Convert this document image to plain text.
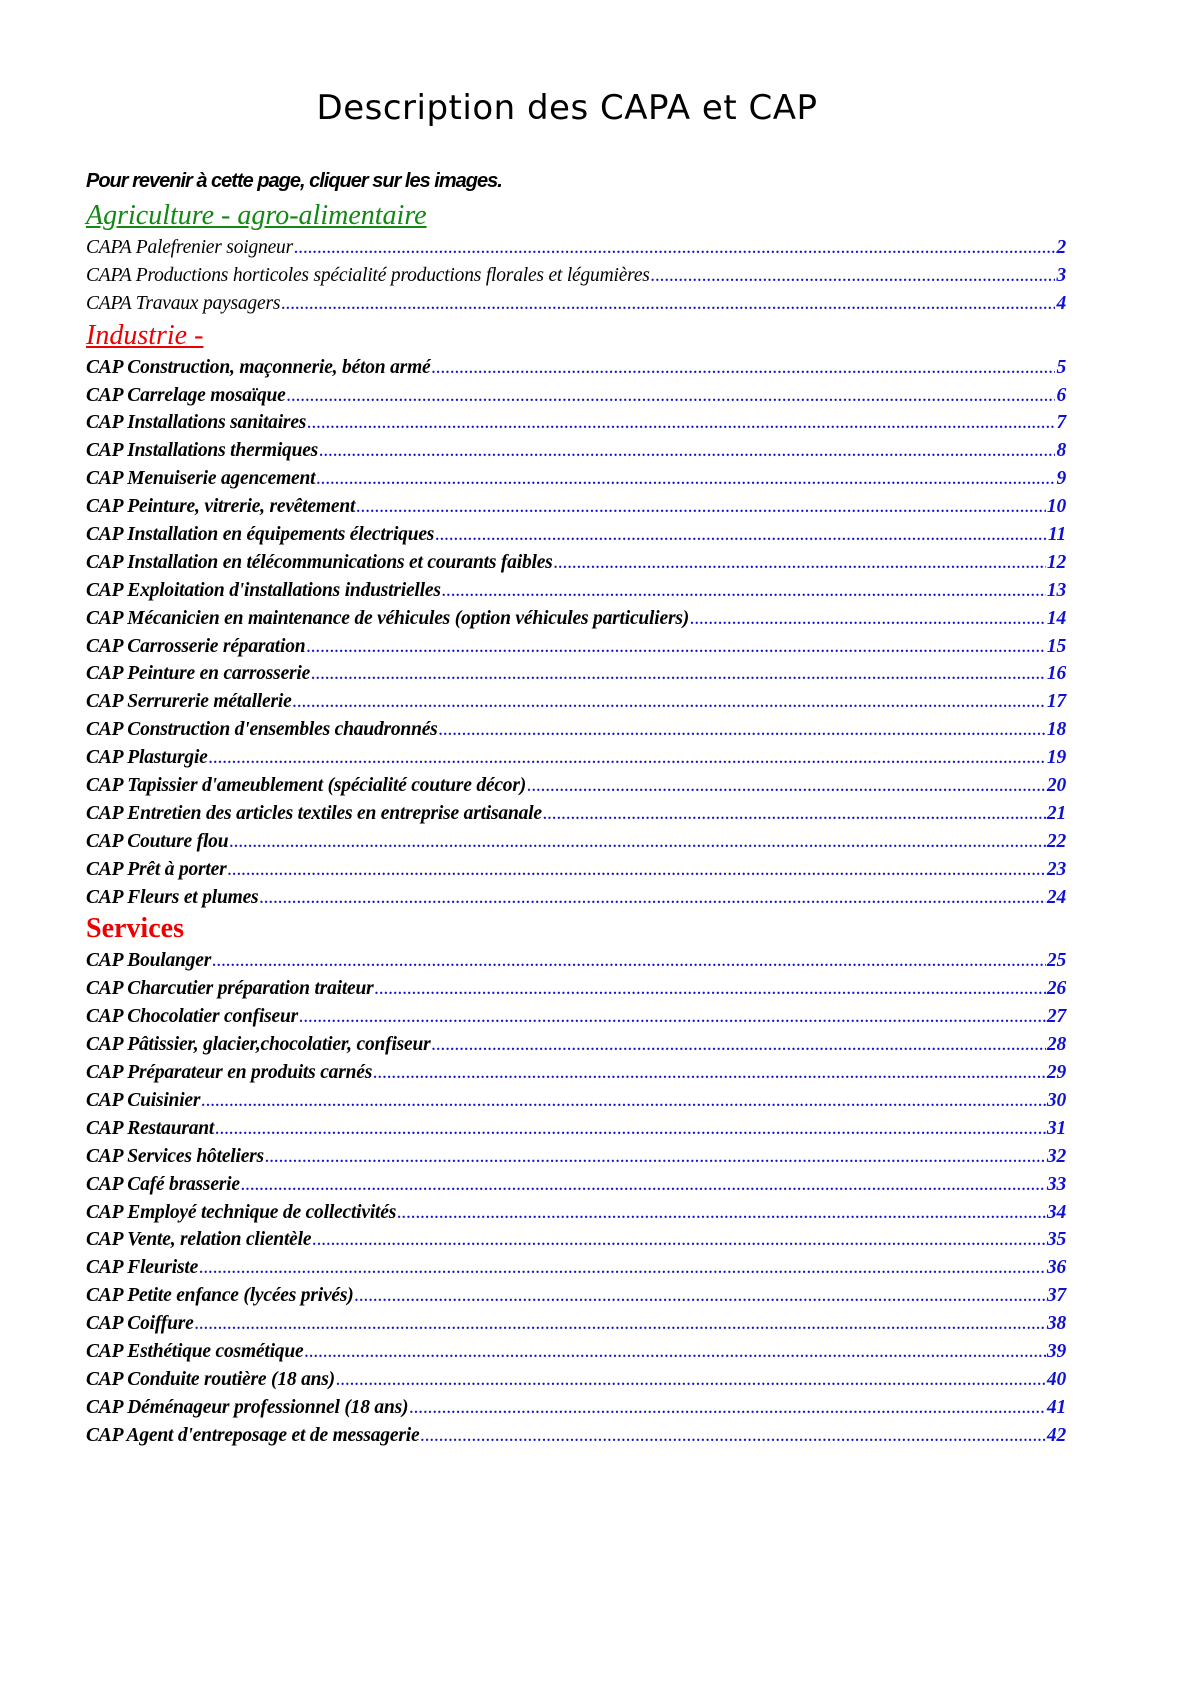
Description des CAPA et CAP
Pour revenir à cette page, cliquer sur les images.
Agriculture - agro-alimentaire
CAPA Palefrenier soigneur .....	2
CAPA Productions horticoles spécialité productions florales et légumières .....	3
CAPA Travaux paysagers .....	4
Industrie -
CAP Construction, maçonnerie, béton armé .....	5
CAP Carrelage mosaïque .....	6
CAP Installations sanitaires .....	7
CAP Installations thermiques .....	8
CAP Menuiserie agencement .....	9
CAP Peinture, vitrerie, revêtement .....	10
CAP Installation en équipements électriques .....	11
CAP Installation en télécommunications et courants faibles .....	12
CAP Exploitation d'installations industrielles .....	13
CAP Mécanicien en maintenance de véhicules (option véhicules particuliers) .....	14
CAP Carrosserie réparation .....	15
CAP Peinture en carrosserie .....	16
CAP Serrurerie métallerie .....	17
CAP Construction d'ensembles chaudronnés .....	18
CAP Plasturgie .....	19
CAP Tapissier d'ameublement (spécialité couture décor) .....	20
CAP Entretien des articles textiles en entreprise artisanale .....	21
CAP Couture flou .....	22
CAP Prêt à porter .....	23
CAP Fleurs et plumes .....	24
Services
CAP Boulanger .....	25
CAP Charcutier préparation traiteur .....	26
CAP Chocolatier confiseur .....	27
CAP Pâtissier, glacier,chocolatier, confiseur .....	28
CAP Préparateur en produits carnés .....	29
CAP Cuisinier .....	30
CAP Restaurant .....	31
CAP Services hôteliers .....	32
CAP Café brasserie .....	33
CAP Employé technique de collectivités .....	34
CAP Vente, relation clientèle .....	35
CAP Fleuriste .....	36
CAP Petite enfance (lycées privés) .....	37
CAP Coiffure .....	38
CAP Esthétique cosmétique .....	39
CAP Conduite routière (18 ans) .....	40
CAP Déménageur professionnel (18 ans) .....	41
CAP Agent d'entreposage et de messagerie .....	42
